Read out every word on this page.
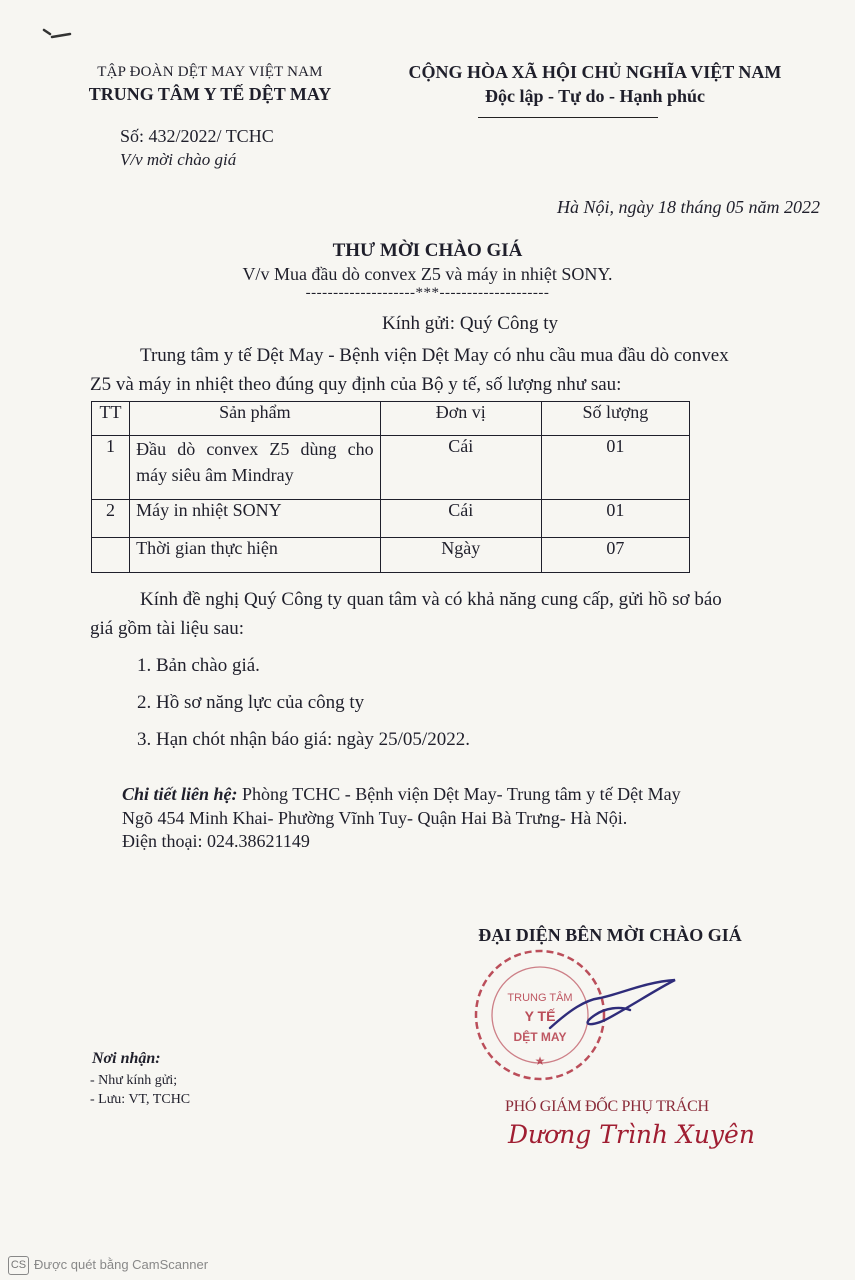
TẬP ĐOÀN DỆT MAY VIỆT NAM
TRUNG TÂM Y TẾ DỆT MAY
CỘNG HÒA XÃ HỘI CHỦ NGHĨA VIỆT NAM
Độc lập - Tự do - Hạnh phúc
Số: 432/2022/ TCHC
V/v mời chào giá
Hà Nội, ngày 18 tháng 05 năm 2022
THƯ MỜI CHÀO GIÁ
V/v Mua đầu dò convex Z5 và máy in nhiệt SONY.
--------------------***--------------------
Kính gửi: Quý Công ty
Trung tâm y tế Dệt May - Bệnh viện Dệt May có nhu cầu mua đầu dò convex
Z5 và máy in nhiệt theo đúng quy định của Bộ y tế, số lượng như sau:
TT	Sản phẩm	Đơn vị	Số lượng
1	Đầu dò convex Z5 dùng cho máy siêu âm Mindray	Cái	01
2	Máy in nhiệt SONY	Cái	01
	Thời gian thực hiện	Ngày	07
Kính đề nghị Quý Công ty quan tâm và có khả năng cung cấp, gửi hồ sơ báo
giá gồm tài liệu sau:
1. Bản chào giá.
2. Hồ sơ năng lực của công ty
3. Hạn chót nhận báo giá: ngày 25/05/2022.
Chi tiết liên hệ: Phòng TCHC - Bệnh viện Dệt May- Trung tâm y tế Dệt May
Ngõ 454 Minh Khai- Phường Vĩnh Tuy- Quận Hai Bà Trưng- Hà Nội.
Điện thoại: 024.38621149
ĐẠI DIỆN BÊN MỜI CHÀO GIÁ
TRUNG TÂM
Y TẾ
DỆT MAY
★
PHÓ GIÁM ĐỐC PHỤ TRÁCH
Dương Trình Xuyên
Nơi nhận:
- Như kính gửi;
- Lưu: VT, TCHC
CS Được quét bằng CamScanner
